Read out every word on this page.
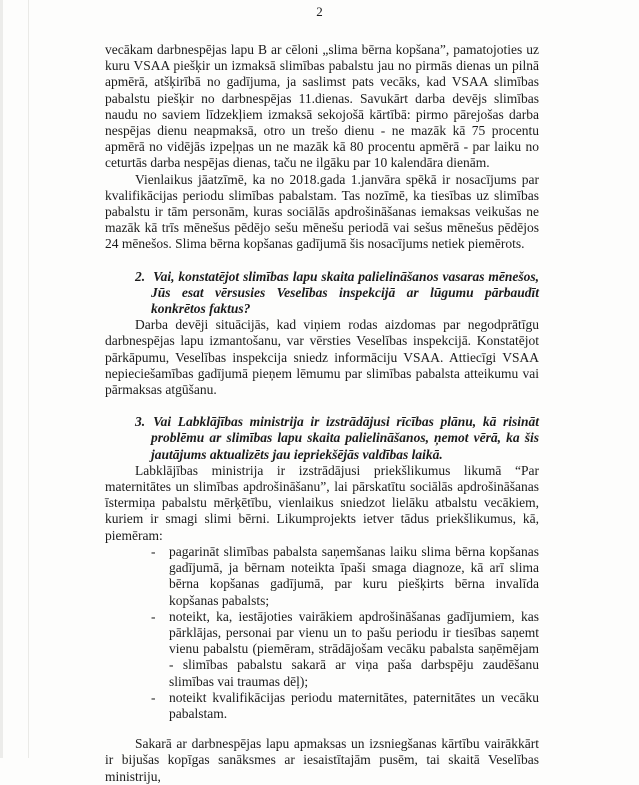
2

vecākam darbnespējas lapu B ar cēloni „slima bērna kopšana”, pamatojoties uz kuru VSAA piešķir un izmaksā slimības pabalstu jau no pirmās dienas un pilnā apmērā, atšķirībā no gadījuma, ja saslimst pats vecāks, kad VSAA slimības pabalstu piešķir no darbnespējas 11.dienas. Savukārt darba devējs slimības naudu no saviem līdzekļiem izmaksā sekojošā kārtībā: pirmo pārejošas darba nespējas dienu neapmaksā, otro un trešo dienu - ne mazāk kā 75 procentu apmērā no vidējās izpeļņas un ne mazāk kā 80 procentu apmērā - par laiku no ceturtās darba nespējas dienas, taču ne ilgāku par 10 kalendāra dienām.

Vienlaikus jāatzīmē, ka no 2018.gada 1.janvāra spēkā ir nosacījums par kvalifikācijas periodu slimības pabalstam. Tas nozīmē, ka tiesības uz slimības pabalstu ir tām personām, kuras sociālās apdrošināšanas iemaksas veikušas ne mazāk kā trīs mēnešus pēdējo sešu mēnešu periodā vai sešus mēnešus pēdējos 24 mēnešos. Slima bērna kopšanas gadījumā šis nosacījums netiek piemērots.

2. Vai, konstatējot slimības lapu skaita palielināšanos vasaras mēnešos, Jūs esat vērsusies Veselības inspekcijā ar lūgumu pārbaudīt konkrētos faktus?

Darba devēji situācijās, kad viņiem rodas aizdomas par negodprātīgu darbnespējas lapu izmantošanu, var vērsties Veselības inspekcijā. Konstatējot pārkāpumu, Veselības inspekcija sniedz informāciju VSAA. Attiecīgi VSAA nepieciešamības gadījumā pieņem lēmumu par slimības pabalsta atteikumu vai pārmaksas atgūšanu.

3. Vai Labklājības ministrija ir izstrādājusi rīcības plānu, kā risināt problēmu ar slimības lapu skaita palielināšanos, ņemot vērā, ka šis jautājums aktualizēts jau iepriekšējās valdības laikā.

Labklājības ministrija ir izstrādājusi priekšlikumus likumā “Par maternitātes un slimības apdrošināšanu”, lai pārskatītu sociālās apdrošināšanas īstermiņa pabalstu mērķētību, vienlaikus sniedzot lielāku atbalstu vecākiem, kuriem ir smagi slimi bērni. Likumprojekts ietver tādus priekšlikumus, kā, piemēram:

- pagarināt slimības pabalsta saņemšanas laiku slima bērna kopšanas gadījumā, ja bērnam noteikta īpaši smaga diagnoze, kā arī slima bērna kopšanas gadījumā, par kuru piešķirts bērna invalīda kopšanas pabalsts;
- noteikt, ka, iestājoties vairākiem apdrošināšanas gadījumiem, kas pārklājas, personai par vienu un to pašu periodu ir tiesības saņemt vienu pabalstu (piemēram, strādājošam vecāku pabalsta saņēmējam - slimības pabalstu sakarā ar viņa paša darbspēju zaudēšanu slimības vai traumas dēļ);
- noteikt kvalifikācijas periodu maternitātes, paternitātes un vecāku pabalstam.

Sakarā ar darbnespējas lapu apmaksas un izsniegšanas kārtību vairākkārt ir bijušas kopīgas sanāksmes ar iesaistītajām pusēm, tai skaitā Veselības ministriju,
